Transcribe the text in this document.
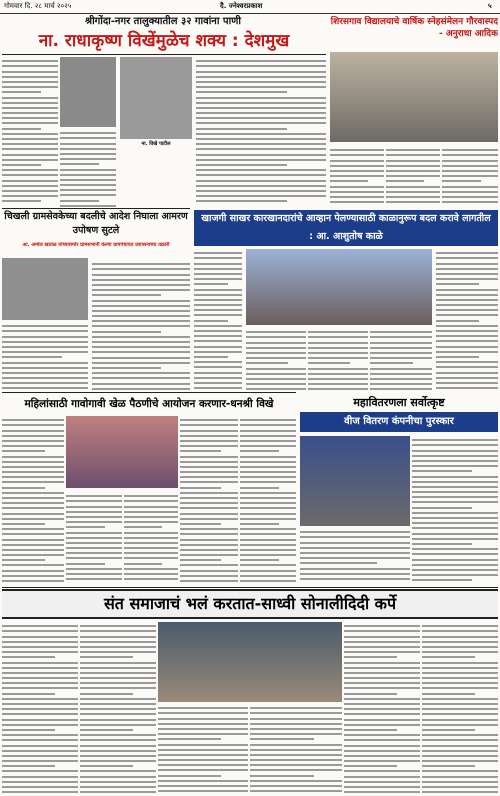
गोमवार दि. २८ मार्च २०२५	दै. ज्नेश्वरप्रकाश	५
श्रीगोंदा-नगर तालुक्यातील ३२ गावांना पाणी
ना. राधाकृष्ण विखेंमुळेच शक्य : देशमुख
ना. विखे पाटील
शिरसगाव विद्यालयाचे वार्षिक स्नेहसंमेलन गौरवास्पद - अनुराधा आदिक
चिखली ग्रामसेवकेच्या बदलीचे आदेश निघाला आमरण उपोषण सुटले
आ. अमोल खताळ यांच्यासमोर ग्रामसभानी केल्या ग्रामपंचायत प्रशासनाच्या तक्रारी
खाजगी साखर कारखानदारांचे आव्हान पेलण्यासाठी काळानुरूप बदल करावे लागतील : आ. आशुतोष काळे
महिलांसाठी गावोगावी खेळ पैठणीचे आयोजन करणार-धनश्री विखे	महावितरणला सर्वोत्कृष्ट
वीज वितरण कंपनीचा पुरस्कार
संत समाजाचं भलं करतात-साध्वी सोनालीदिदी कर्पे
